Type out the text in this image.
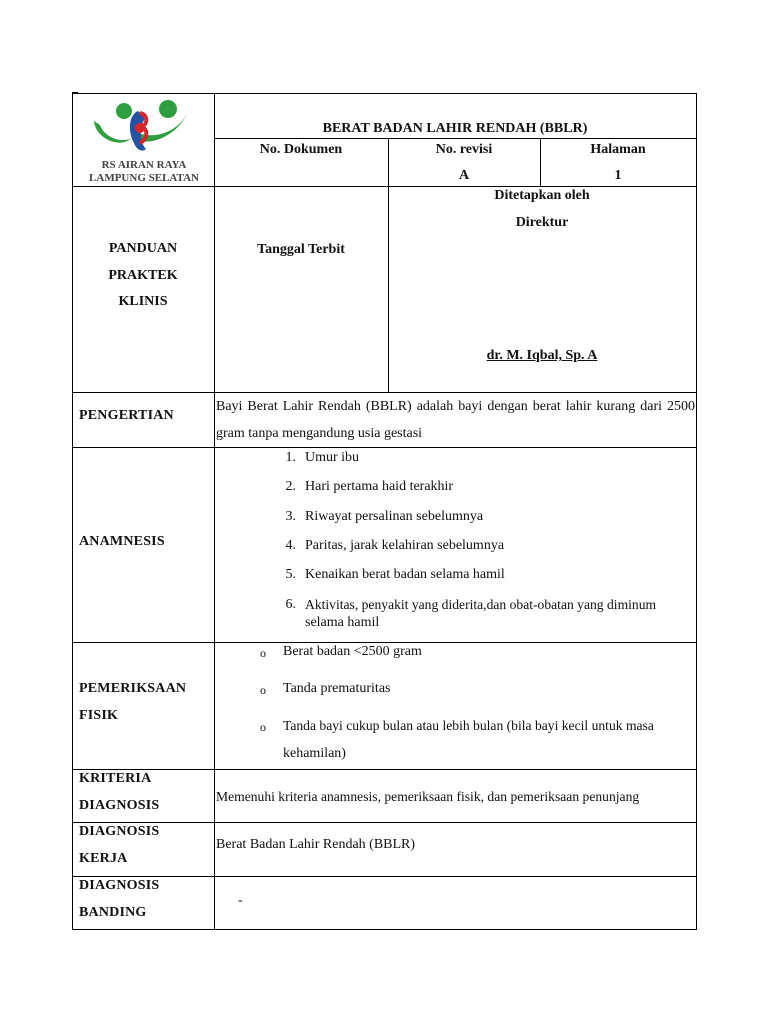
RS AIRAN RAYA
LAMPUNG SELATAN
BERAT BADAN LAHIR RENDAH (BBLR)
No. Dokumen	No. revisi
A
Halaman
1
PANDUAN
PRAKTEK
KLINIS
Tanggal Terbit
Ditetapkan oleh
Direktur
dr. M. Iqbal, Sp. A
PENGERTIAN
Bayi Berat Lahir Rendah (BBLR) adalah bayi dengan berat lahir kurang dari 2500 gram tanpa mengandung usia gestasi
ANAMNESIS
1. Umur ibu
2. Hari pertama haid terakhir
3. Riwayat persalinan sebelumnya
4. Paritas, jarak kelahiran sebelumnya
5. Kenaikan berat badan selama hamil
6. Aktivitas, penyakit yang diderita,dan obat-obatan yang diminum
selama hamil
PEMERIKSAAN
FISIK
o Berat badan <2500 gram
o Tanda prematuritas
o Tanda bayi cukup bulan atau lebih bulan (bila bayi kecil untuk masa
kehamilan)
KRITERIA
DIAGNOSIS
Memenuhi kriteria anamnesis, pemeriksaan fisik, dan pemeriksaan penunjang
DIAGNOSIS
KERJA
Berat Badan Lahir Rendah (BBLR)
DIAGNOSIS
BANDING
-
